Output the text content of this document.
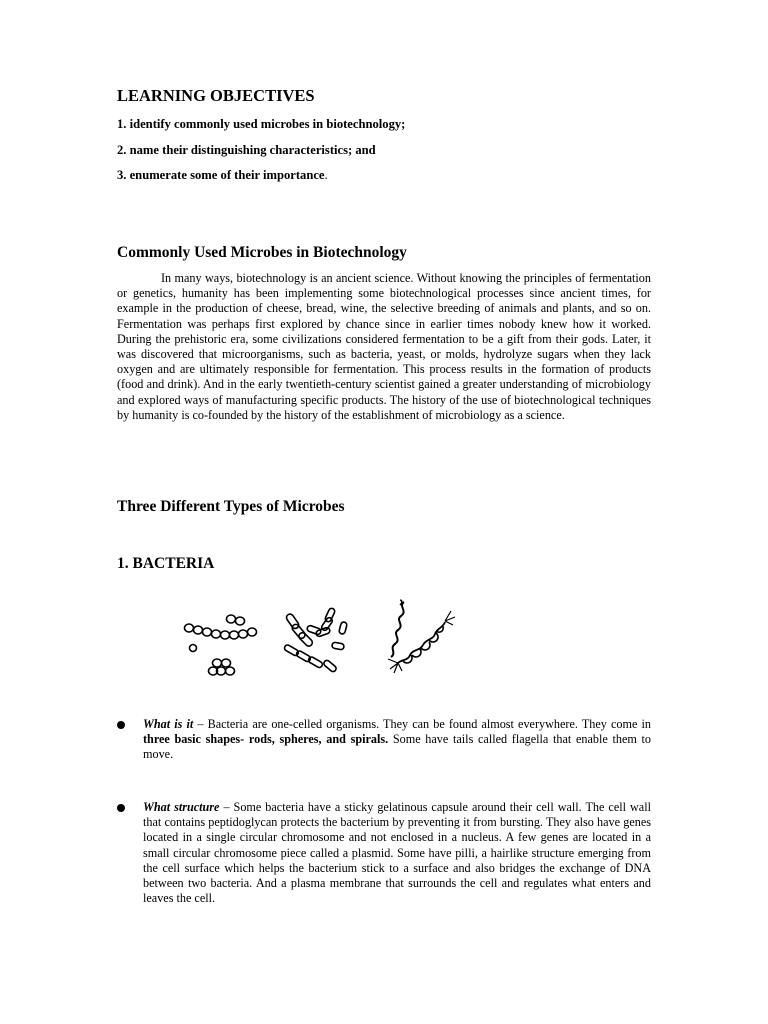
LEARNING OBJECTIVES

1. identify commonly used microbes in biotechnology;

2. name their distinguishing characteristics; and

3. enumerate some of their importance.

Commonly Used Microbes in Biotechnology

In many ways, biotechnology is an ancient science. Without knowing the principles of fermentation or genetics, humanity has been implementing some biotechnological processes since ancient times, for example in the production of cheese, bread, wine, the selective breeding of animals and plants, and so on. Fermentation was perhaps first explored by chance since in earlier times nobody knew how it worked. During the prehistoric era, some civilizations considered fermentation to be a gift from their gods. Later, it was discovered that microorganisms, such as bacteria, yeast, or molds, hydrolyze sugars when they lack oxygen and are ultimately responsible for fermentation. This process results in the formation of products (food and drink). And in the early twentieth-century scientist gained a greater understanding of microbiology and explored ways of manufacturing specific products. The history of the use of biotechnological techniques by humanity is co-founded by the history of the establishment of microbiology as a science.

Three Different Types of Microbes
1. BACTERIA
What is it – Bacteria are one-celled organisms. They can be found almost everywhere. They come in three basic shapes- rods, spheres, and spirals. Some have tails called flagella that enable them to move.
What structure – Some bacteria have a sticky gelatinous capsule around their cell wall. The cell wall that contains peptidoglycan protects the bacterium by preventing it from bursting. They also have genes located in a single circular chromosome and not enclosed in a nucleus. A few genes are located in a small circular chromosome piece called a plasmid. Some have pilli, a hairlike structure emerging from the cell surface which helps the bacterium stick to a surface and also bridges the exchange of DNA between two bacteria. And a plasma membrane that surrounds the cell and regulates what enters and leaves the cell.
